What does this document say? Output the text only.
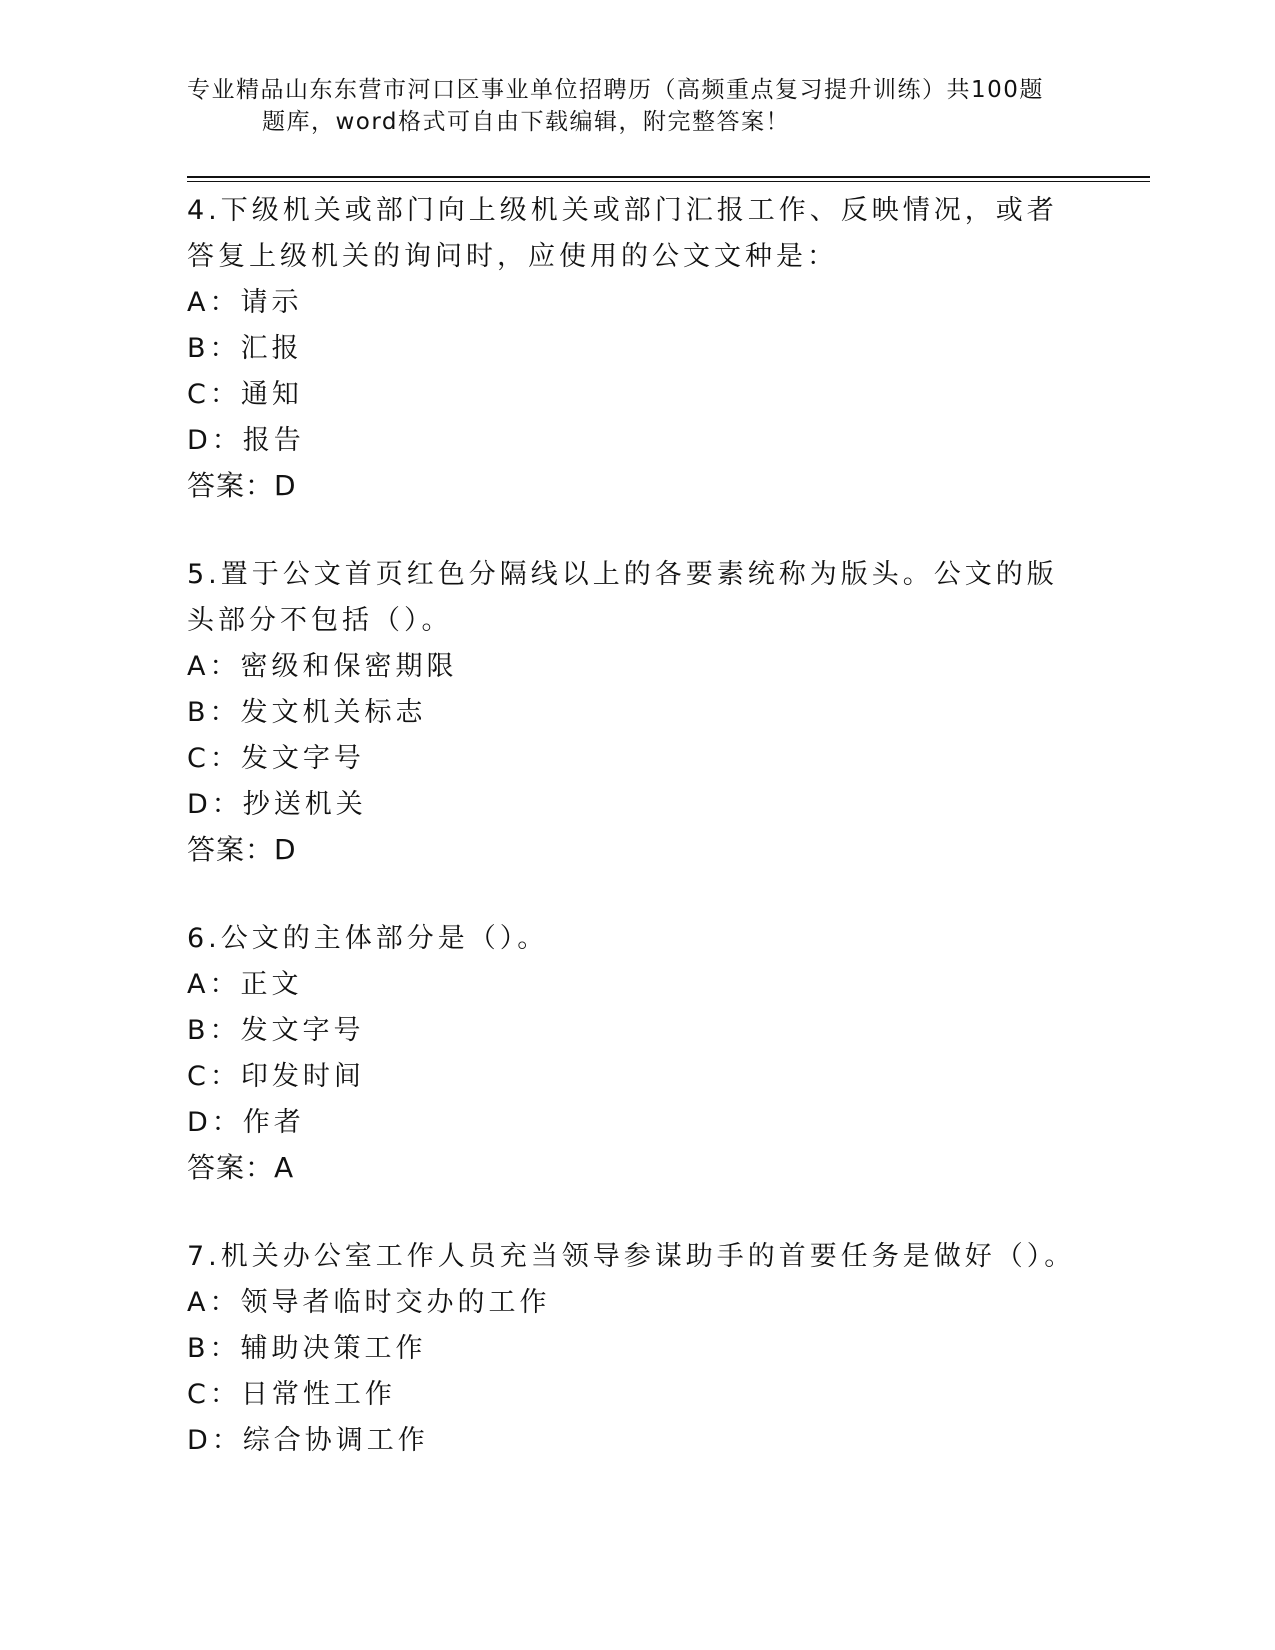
专业精品山东东营市河口区事业单位招聘历（高频重点复习提升训练）共100题
题库，word格式可自由下载编辑，附完整答案！

4.下级机关或部门向上级机关或部门汇报工作、反映情况，或者答复上级机关的询问时，应使用的公文文种是：

A：请示

B：汇报

C：通知

D：报告

答案：D

5.置于公文首页红色分隔线以上的各要素统称为版头。公文的版头部分不包括（）。

A：密级和保密期限

B：发文机关标志

C：发文字号

D：抄送机关

答案：D

6.公文的主体部分是（）。

A：正文

B：发文字号

C：印发时间

D：作者

答案：A

7.机关办公室工作人员充当领导参谋助手的首要任务是做好（）。

A：领导者临时交办的工作

B：辅助决策工作

C：日常性工作

D：综合协调工作
